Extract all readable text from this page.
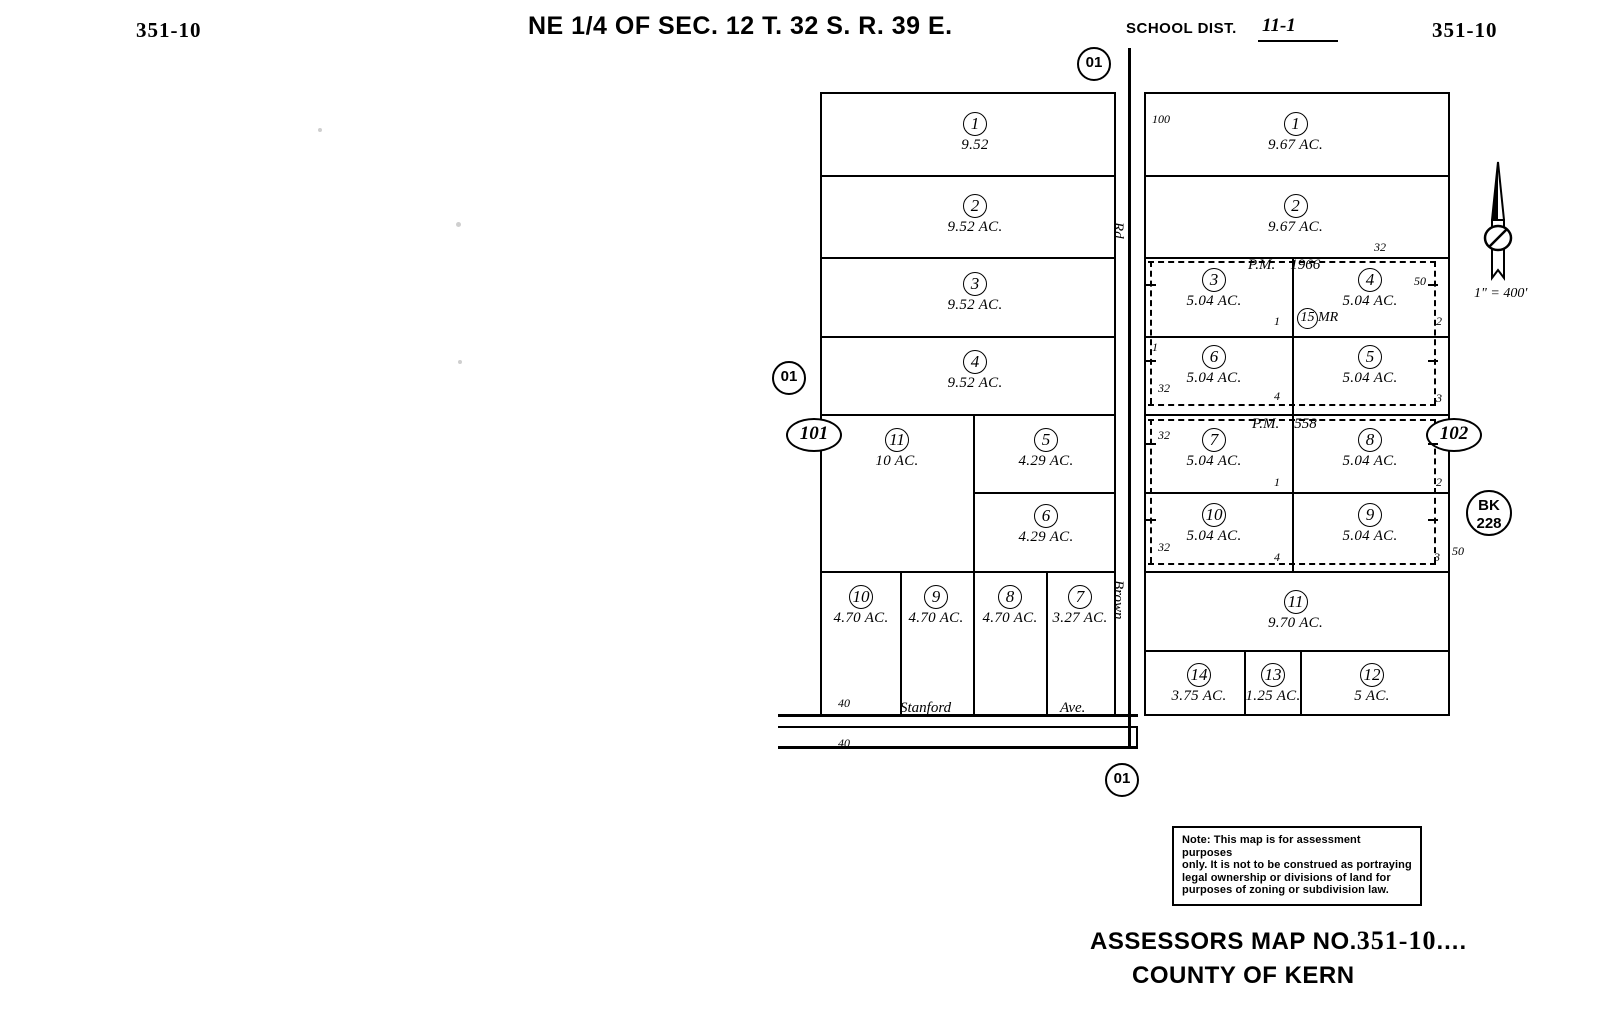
351-10	NE 1/4 OF SEC. 12 T. 32 S. R. 39 E.	SCHOOL DIST. 11-1	351-10
1" = 400'
Rd
Brown
Stanford	Ave.
01
01
01
101	102
BK
228
1
9.52
2
9.52 AC.
3
9.52 AC.
4
9.52 AC.
11
10 AC.
5
4.29 AC.
6
4.29 AC.
10
4.70 AC.
9
4.70 AC.
8
4.70 AC.
7
3.27 AC.
1
9.67 AC.
2
9.67 AC.
3
5.04 AC.
4
5.04 AC.
6
5.04 AC.
5
5.04 AC.
7
5.04 AC.
8
5.04 AC.
10
5.04 AC.
9
5.04 AC.
11
9.70 AC.
14
3.75 AC.
13
1.25 AC.
12
5 AC.
P.M. 1966
P.M. 558
15 MR
100
32
50
2
1
1
32
4	3
32
1	2
32
4	3 50
40
40

Note: This map is for assessment purposes

only. It is not to be construed as portraying

legal ownership or divisions of land for

purposes of zoning or subdivision law.

ASSESSORS MAP NO.351-10....
COUNTY OF KERN
